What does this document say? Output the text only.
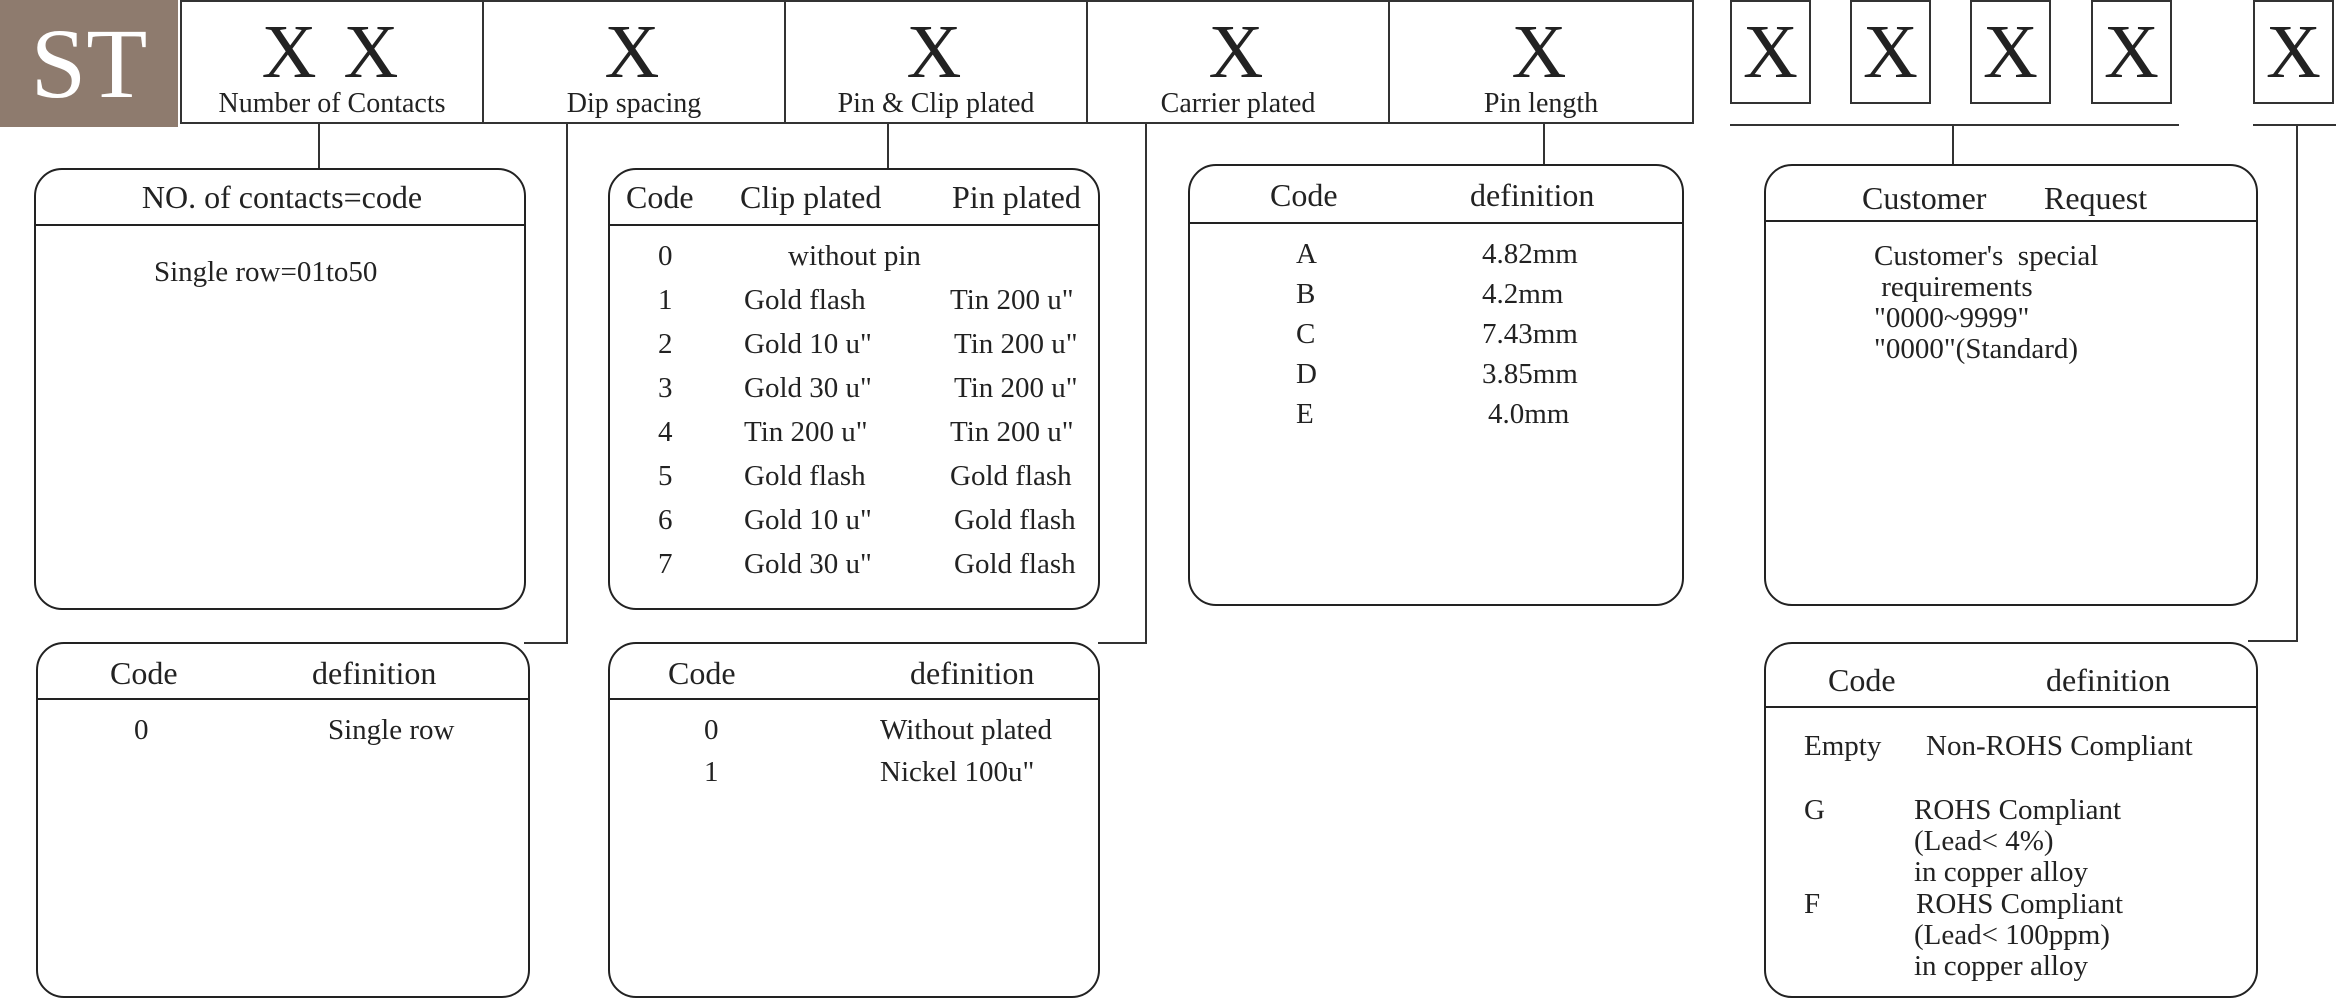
ST	X X
Number of Contacts
X
Dip spacing
X
Pin & Clip plated
X
Carrier plated
X
Pin length
X X X X X
NO. of contacts=code
Single row=01to50
Code	definition
0	Single row
Code Clip plated Pin plated
0	without pin
1 Gold flash	Tin 200 u"
2 Gold 10 u"	Tin 200 u"
3 Gold 30 u"	Tin 200 u"
4 Tin 200 u"	Tin 200 u"
5 Gold flash	Gold flash
6 Gold 10 u"	Gold flash
7 Gold 30 u"	Gold flash
Code	definition
0	Without plated
1	Nickel 100u"
Code	definition
A	4.82mm
B	4.2mm
C	7.43mm
D	3.85mm
E	4.0mm
Customer Request
Customer's  special
requirements
"0000~9999"
"0000"(Standard)
Code	definition
Empty Non-ROHS Compliant
G	ROHS Compliant
(Lead< 4%)
in copper alloy
F	ROHS Compliant
(Lead< 100ppm)
in copper alloy
